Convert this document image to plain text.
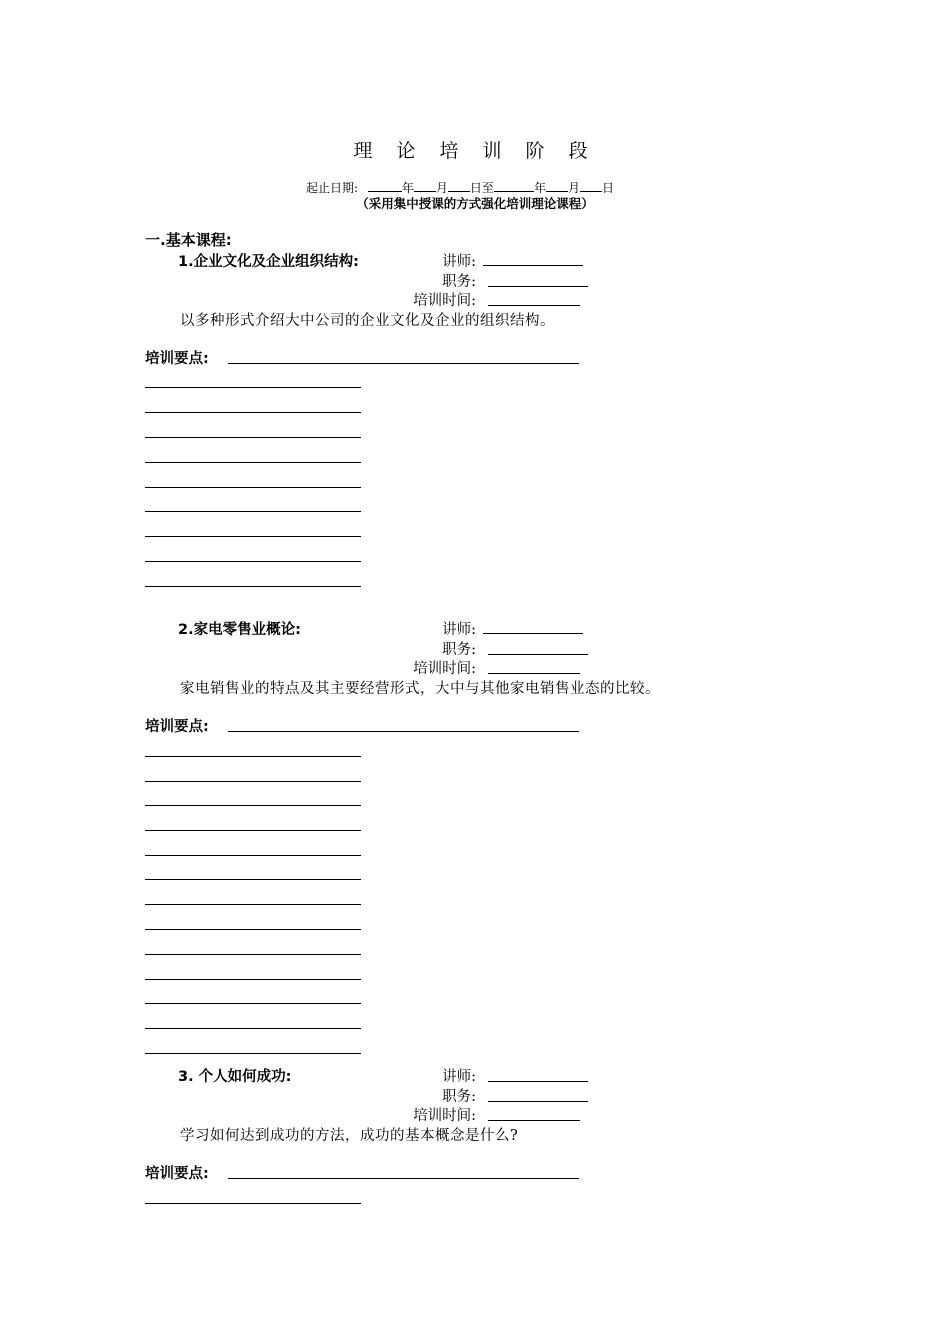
理 论 培 训 阶 段
起止日期:	年 月 日至	年 月 日
（采用集中授课的方式强化培训理论课程）
一.基本课程:
1.企业文化及企业组织结构:	讲师:
职务:
培训时间:
以多种形式介绍大中公司的企业文化及企业的组织结构。
培训要点:
2.家电零售业概论:	讲师:
职务:
培训时间:
家电销售业的特点及其主要经营形式，大中与其他家电销售业态的比较。
培训要点:
3. 个人如何成功:	讲师:
职务:
培训时间:
学习如何达到成功的方法，成功的基本概念是什么?
培训要点:
